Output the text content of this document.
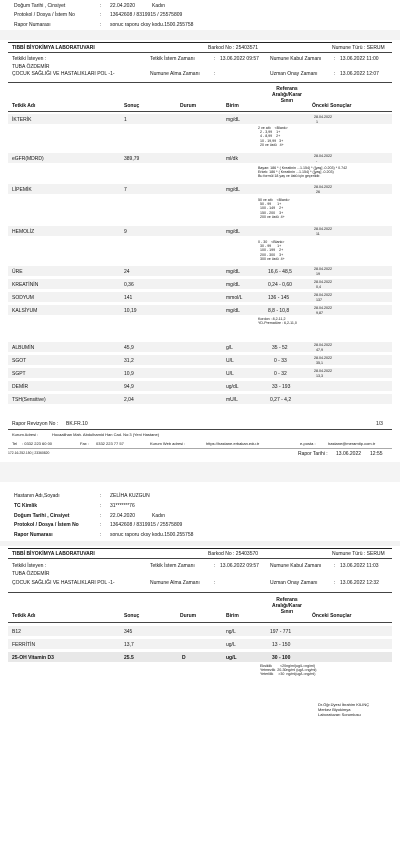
Doğum Tarihi , Cinsiyet	: 22.04.2020	Kadın
Protokol / Dosya / İstem No	: 13642608 / 8319915 / 25575809
Rapor Numarası	: sonuc raporu cksy kodu.1500.255758
TIBBİ BİYOKİMYA LABORATUVARI	Barkod No : 25403571	Numune Türü : SERUM
Tetkiki İsteyen :	Tetkik İstem Zamanı	: 13.06.2022 09:57 Numune Kabul Zamanı	: 13.06.2022 11:00
TUBA ÖZDEMİR
ÇOCUK SAĞLIĞI VE HASTALIKLARI POL -1-	Numune Alma Zamanı	:	Uzman Onay Zamanı	: 13.06.2022 12:07
Tetkik Adı	Sonuç	Durum	Birim
Referans Aralığı/Karar Sınırı
Önceki Sonuçlar
İKTERİK	1	mg/dL	28.04.2022
1
2 ve altı    <Blank>
2 - 3,99    1+
4 - 8,99    2+
10 - 19,99   3+
20 ve üstü   4+
eGFR(MDRD)	389,79	ml/dk	28.04.2022
-
Bayan: 186 * ( Kreatinin ...1.154) * ([yaş] -0.203) * 0.742
Erkek: 186 * ( Kreatinin ...1.154) * ([yaş] -0.203)
Bu formül 18 yaş ve üstü için geçerlidir.
LİPEMİK	7	mg/dL	28.04.2022
26
50 ve altı    <Blank>
50 - 99      1+
100 - 149    2+
150 - 200    3+
200 ve üstü  4+
HEMOLİZ	9	mg/dL	28.04.2022
11
0 - 30    <Blank>
30 - 99      1+
100 - 199    2+
200 - 300    3+
300 ve üstü  4+
ÜRE	24	mg/dL	16,6 - 48,5	28.04.2022
19
KREATİNİN	0,36	mg/dL	0,24 - 0,60	28.04.2022
0,4
SODYUM	141	mmol/L	136 - 145	28.04.2022
137
KALSİYUM	10,19	mg/dL	8,8 - 10,8	28.04.2022
9,87
Kordon : 8,2-11,2
YD-Prematüre : 6,2-11,0
ALBUMİN	45,9	g/L	35 - 52	28.04.2022
47,9
SGOT	31,2	U/L	0 - 33	28.04.2022
35,1
SGPT	10,9	U/L	0 - 32	28.04.2022
13,3
DEMİR	94,9	ug/dL	33 - 193
TSH(Sensitive)	2,04	mU/L	0,27 - 4,2
Rapor Revizyon No : BK.FR.10	1/3
Kurum Adresi :	Hocaalihan Mah. Abdulhamid Han Cad. No:3 (Yeni Hastane)
Tel : 0332 223 60 00	Fax : 0332 223 77 57	Kurum Web adresi :	https://hastane.erbakan.edu.tr	e-posta :	hastane@meramtip.com.tr
172.16.252.150 | 23360820	Rapor Tarihi : 13.06.2022 12:55
Hastanın Adı,Soyadı	: ZELİHA KUZGUN
TC Kimlik	: 31*******76
Doğum Tarihi , Cinsiyet	: 22.04.2020	Kadın
Protokol / Dosya / İstem No	: 13642608 / 8319915 / 25575809
Rapor Numarası	: sonuc raporu cksy kodu.1500.255758
TIBBİ BİYOKİMYA LABORATUVARI	Barkod No : 25403570	Numune Türü : SERUM
Tetkiki İsteyen :	Tetkik İstem Zamanı	: 13.06.2022 09:57 Numune Kabul Zamanı	: 13.06.2022 11:03
TUBA ÖZDEMİR
ÇOCUK SAĞLIĞI VE HASTALIKLARI POL -1-	Numune Alma Zamanı	:	Uzman Onay Zamanı	: 13.06.2022 12:32
Tetkik Adı	Sonuç	Durum	Birim
Referans Aralığı/Karar Sınırı
Önceki Sonuçlar
B12	345	ng/L	197 - 771
FERRİTİN	13,7	ug/L	13 - 150
25-OH Vitamin D3	25.5	D	ug/L	30 - 100
Eksiklik        <20ng/ml(ug/L=ng/ml)
Yetmezlik  20-30ng/ml (ug/L=ng/ml)
Yeterlilik     >30  ng/ml(ug/L=ng/ml)
Dr.Öğr.Üyesi İbrahim KILINÇ
Merkez Biyokimya
Laboratuvarı Sorumlusu
